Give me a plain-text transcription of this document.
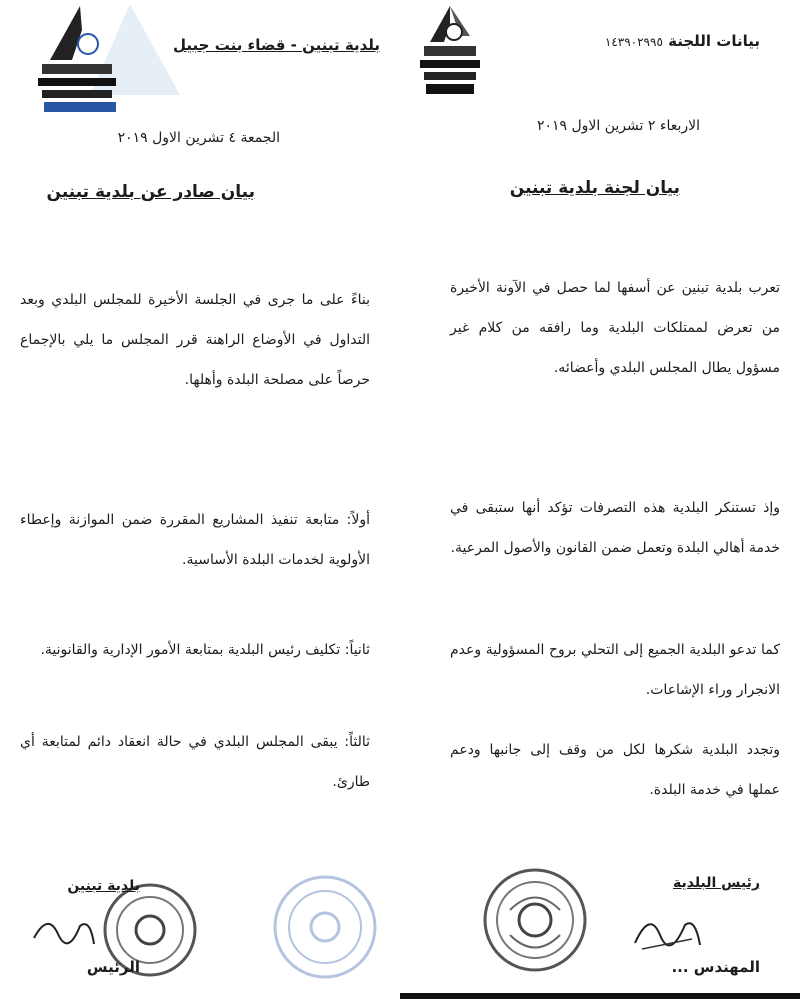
بيانات اللجنة ١٤٣٩٠٢٩٩٥
الاربعاء ٢ تشرين الاول ٢٠١٩
بيان لجنة بلدية تبنين

تعرب بلدية تبنين عن أسفها لما حصل في الآونة الأخيرة من تعرض لممتلكات البلدية وما رافقه من كلام غير مسؤول يطال المجلس البلدي وأعضائه.

وإذ تستنكر البلدية هذه التصرفات تؤكد أنها ستبقى في خدمة أهالي البلدة وتعمل ضمن القانون والأصول المرعية.

كما تدعو البلدية الجميع إلى التحلي بروح المسؤولية وعدم الانجرار وراء الإشاعات.

وتجدد البلدية شكرها لكل من وقف إلى جانبها ودعم عملها في خدمة البلدة.

رئيس البلدية
المهندس ...
بلدية تبنين - قضاء بنت جبيل
الجمعة ٤ تشرين الاول ٢٠١٩
بيان صادر عن بلدية تبنين

بناءً على ما جرى في الجلسة الأخيرة للمجلس البلدي وبعد التداول في الأوضاع الراهنة قرر المجلس ما يلي بالإجماع حرصاً على مصلحة البلدة وأهلها.

أولاً: متابعة تنفيذ المشاريع المقررة ضمن الموازنة وإعطاء الأولوية لخدمات البلدة الأساسية.

ثانياً: تكليف رئيس البلدية بمتابعة الأمور الإدارية والقانونية.

ثالثاً: يبقى المجلس البلدي في حالة انعقاد دائم لمتابعة أي طارئ.

بلدية تبنين
الرئيس
